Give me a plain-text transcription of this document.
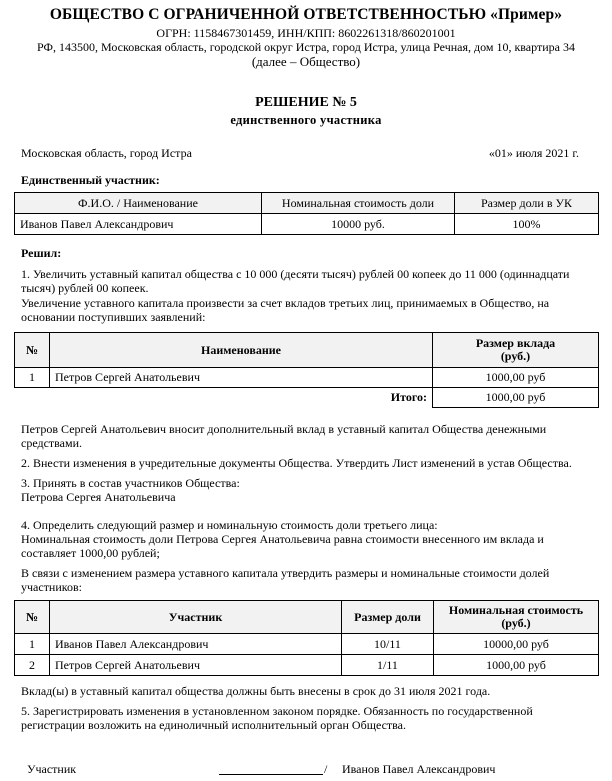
ОБЩЕСТВО С ОГРАНИЧЕННОЙ ОТВЕТСТВЕННОСТЬЮ «Пример»
ОГРН: 1158467301459, ИНН/КПП: 8602261318/860201001
РФ, 143500, Московская область, городской округ Истра, город Истра, улица Речная, дом 10, квартира 34
(далее – Общество)
РЕШЕНИЕ № 5
единственного участника
Московская область, город Истра	«01» июля 2021 г.
Единственный участник:
Ф.И.О. / Наименование	Номинальная стоимость доли	Размер доли в УК
Иванов Павел Александрович	10000 руб.	100%
Решил:
1. Увеличить уставный капитал общества с 10 000 (десяти тысяч) рублей 00 копеек до 11 000 (одиннадцати
тысяч) рублей 00 копеек.
Увеличение уставного капитала произвести за счет вкладов третьих лиц, принимаемых в Общество, на
основании поступивших заявлений:
№	Наименование	Размер вклада
(руб.)
1	Петров Сергей Анатольевич	1000,00 руб
	Итого:	1000,00 руб
Петров Сергей Анатольевич вносит дополнительный вклад в уставный капитал Общества денежными
средствами.
2. Внести изменения в учредительные документы Общества. Утвердить Лист изменений в устав Общества.
3. Принять в состав участников Общества:
Петрова Сергея Анатольевича
4. Определить следующий размер и номинальную стоимость доли третьего лица:
Номинальная стоимость доли Петрова Сергея Анатольевича равна стоимости внесенного им вклада и
составляет 1000,00 рублей;
В связи с изменением размера уставного капитала утвердить размеры и номинальные стоимости долей
участников:
№	Участник	Размер доли	Номинальная стоимость
(руб.)
1	Иванов Павел Александрович	10/11	10000,00 руб
2	Петров Сергей Анатольевич	1/11	1000,00 руб
Вклад(ы) в уставный капитал общества должны быть внесены в срок до 31 июля 2021 года.
5. Зарегистрировать изменения в установленном законом порядке. Обязанность по государственной
регистрации возложить на единоличный исполнительный орган Общества.
Участник	/ Иванов Павел Александрович
